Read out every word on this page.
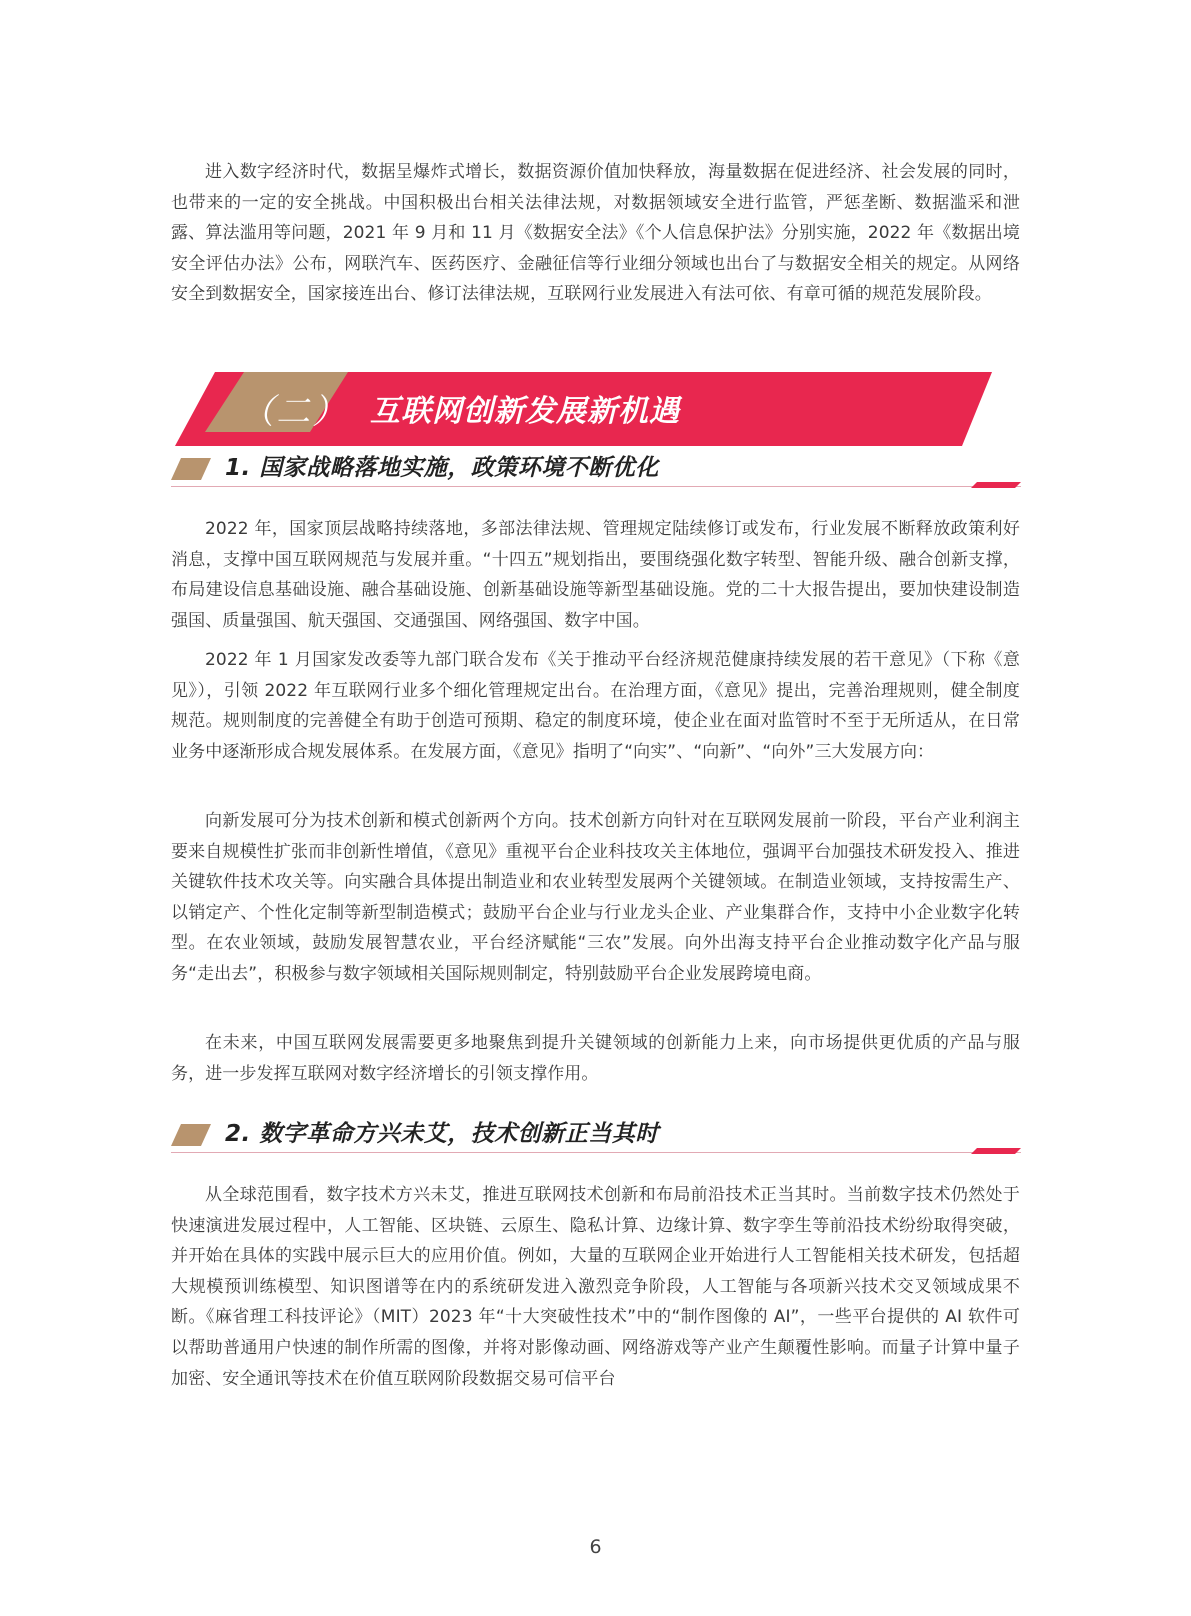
进入数字经济时代，数据呈爆炸式增长，数据资源价值加快释放，海量数据在促进经济、社会发展的同时，也带来的一定的安全挑战。中国积极出台相关法律法规，对数据领域安全进行监管，严惩垄断、数据滥采和泄露、算法滥用等问题，2021 年 9 月和 11 月《数据安全法》《个人信息保护法》分别实施，2022 年《数据出境安全评估办法》公布，网联汽车、医药医疗、金融征信等行业细分领域也出台了与数据安全相关的规定。从网络安全到数据安全，国家接连出台、修订法律法规，互联网行业发展进入有法可依、有章可循的规范发展阶段。

（二） 互联网创新发展新机遇
1. 国家战略落地实施，政策环境不断优化

2022 年，国家顶层战略持续落地，多部法律法规、管理规定陆续修订或发布，行业发展不断释放政策利好消息，支撑中国互联网规范与发展并重。“十四五”规划指出，要围绕强化数字转型、智能升级、融合创新支撑，布局建设信息基础设施、融合基础设施、创新基础设施等新型基础设施。党的二十大报告提出，要加快建设制造强国、质量强国、航天强国、交通强国、网络强国、数字中国。

2022 年 1 月国家发改委等九部门联合发布《关于推动平台经济规范健康持续发展的若干意见》（下称《意见》），引领 2022 年互联网行业多个细化管理规定出台。在治理方面，《意见》提出，完善治理规则，健全制度规范。规则制度的完善健全有助于创造可预期、稳定的制度环境，使企业在面对监管时不至于无所适从，在日常业务中逐渐形成合规发展体系。在发展方面，《意见》指明了“向实”、“向新”、“向外”三大发展方向：

向新发展可分为技术创新和模式创新两个方向。技术创新方向针对在互联网发展前一阶段，平台产业利润主要来自规模性扩张而非创新性增值，《意见》重视平台企业科技攻关主体地位，强调平台加强技术研发投入、推进关键软件技术攻关等。向实融合具体提出制造业和农业转型发展两个关键领域。在制造业领域，支持按需生产、以销定产、个性化定制等新型制造模式；鼓励平台企业与行业龙头企业、产业集群合作，支持中小企业数字化转型。在农业领域，鼓励发展智慧农业，平台经济赋能“三农”发展。向外出海支持平台企业推动数字化产品与服务“走出去”，积极参与数字领域相关国际规则制定，特别鼓励平台企业发展跨境电商。

在未来，中国互联网发展需要更多地聚焦到提升关键领域的创新能力上来，向市场提供更优质的产品与服务，进一步发挥互联网对数字经济增长的引领支撑作用。

2. 数字革命方兴未艾，技术创新正当其时

从全球范围看，数字技术方兴未艾，推进互联网技术创新和布局前沿技术正当其时。当前数字技术仍然处于快速演进发展过程中，人工智能、区块链、云原生、隐私计算、边缘计算、数字孪生等前沿技术纷纷取得突破，并开始在具体的实践中展示巨大的应用价值。例如，大量的互联网企业开始进行人工智能相关技术研发，包括超大规模预训练模型、知识图谱等在内的系统研发进入激烈竞争阶段，人工智能与各项新兴技术交叉领域成果不断。《麻省理工科技评论》（MIT）2023 年“十大突破性技术”中的“制作图像的 AI”，一些平台提供的 AI 软件可以帮助普通用户快速的制作所需的图像，并将对影像动画、网络游戏等产业产生颠覆性影响。而量子计算中量子加密、安全通讯等技术在价值互联网阶段数据交易可信平台

6
